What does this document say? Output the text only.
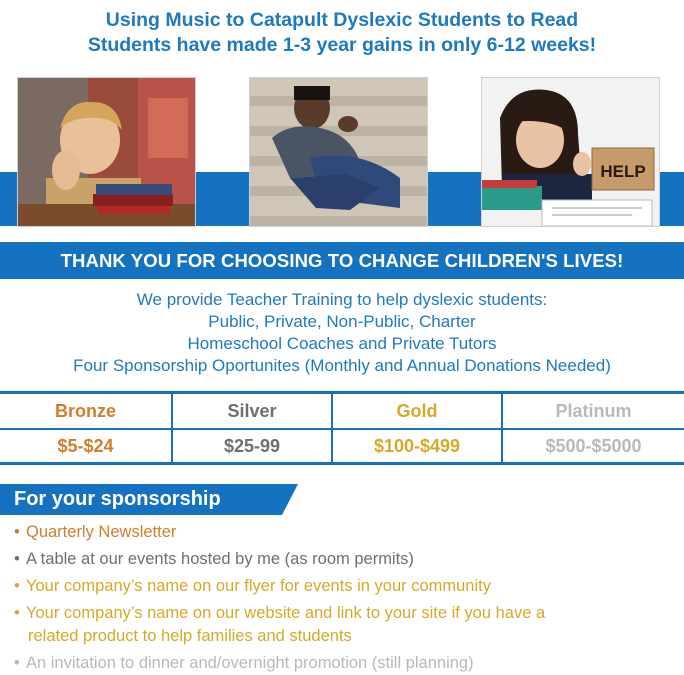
Using Music to Catapult Dyslexic Students to Read
Students have made 1-3 year gains in only 6-12 weeks!
HELP
THANK YOU FOR CHOOSING TO CHANGE CHILDREN'S LIVES!
We provide Teacher Training to help dyslexic students:
Public, Private, Non-Public, Charter
Homeschool Coaches and Private Tutors
Four Sponsorship Oportunites (Monthly and Annual Donations Needed)
Bronze
$5-$24
Silver
$25-99
Gold
$100-$499
Platinum
$500-$5000
For your sponsorship
• Quarterly Newsletter
• A table at our events hosted by me (as room permits)
• Your company’s name on our flyer for events in your community
• Your company’s name on our website and link to your site if you have a
related product to help families and students
• An invitation to dinner and/overnight promotion (still planning)
